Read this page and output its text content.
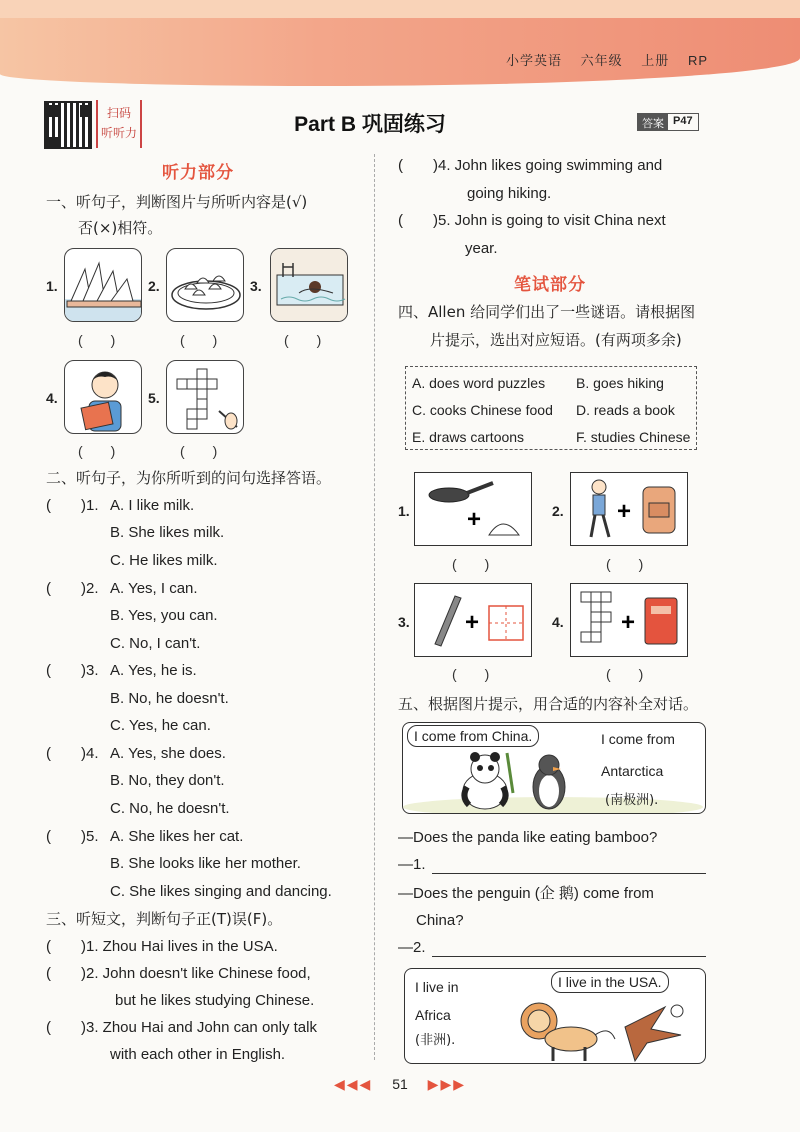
小学英语 六年级 上册 RP
扫码
听听力	Part B 巩固练习	答案 P47
听力部分
一、听句子，判断图片与所听内容是(√)
否(×)相符。
1.	2.	3.
(　　)	(　　)	(　　)
4.	5.
(　　)	(　　)
二、听句子，为你所听到的问句选择答语。
(　　)1. A. I like milk.
B. She likes milk.
C. He likes milk.
(　　)2. A. Yes, I can.
B. Yes, you can.
C. No, I can't.
(　　)3. A. Yes, he is.
B. No, he doesn't.
C. Yes, he can.
(　　)4. A. Yes, she does.
B. No, they don't.
C. No, he doesn't.
(　　)5. A. She likes her cat.
B. She looks like her mother.
C. She likes singing and dancing.
三、听短文，判断句子正(T)误(F)。
(　　)1. Zhou Hai lives in the USA.
(　　)2. John doesn't like Chinese food,
but he likes studying Chinese.
(　　)3. Zhou Hai and John can only talk
with each other in English.
(　　)4. John likes going swimming and
going hiking.
(　　)5. John is going to visit China next
year.
笔试部分
四、Allen 给同学们出了一些谜语。请根据图
片提示，选出对应短语。(有两项多余)
A. does word puzzles B. goes hiking
C. cooks Chinese food D. reads a book
E. draws cartoons	F. studies Chinese
1. +	2. +
(　　)	(　　)
3. +	4. +
(　　)	(　　)
五、根据图片提示，用合适的内容补全对话。
I come from China.	I come from
Antarctica
(南极洲).
—Does the panda like eating bamboo?
—1.
—Does the penguin (企 鹅) come from
China?
—2.
I live in
Africa
(非洲).
I live in the USA.
◀◀◀ 51 ▶▶▶
